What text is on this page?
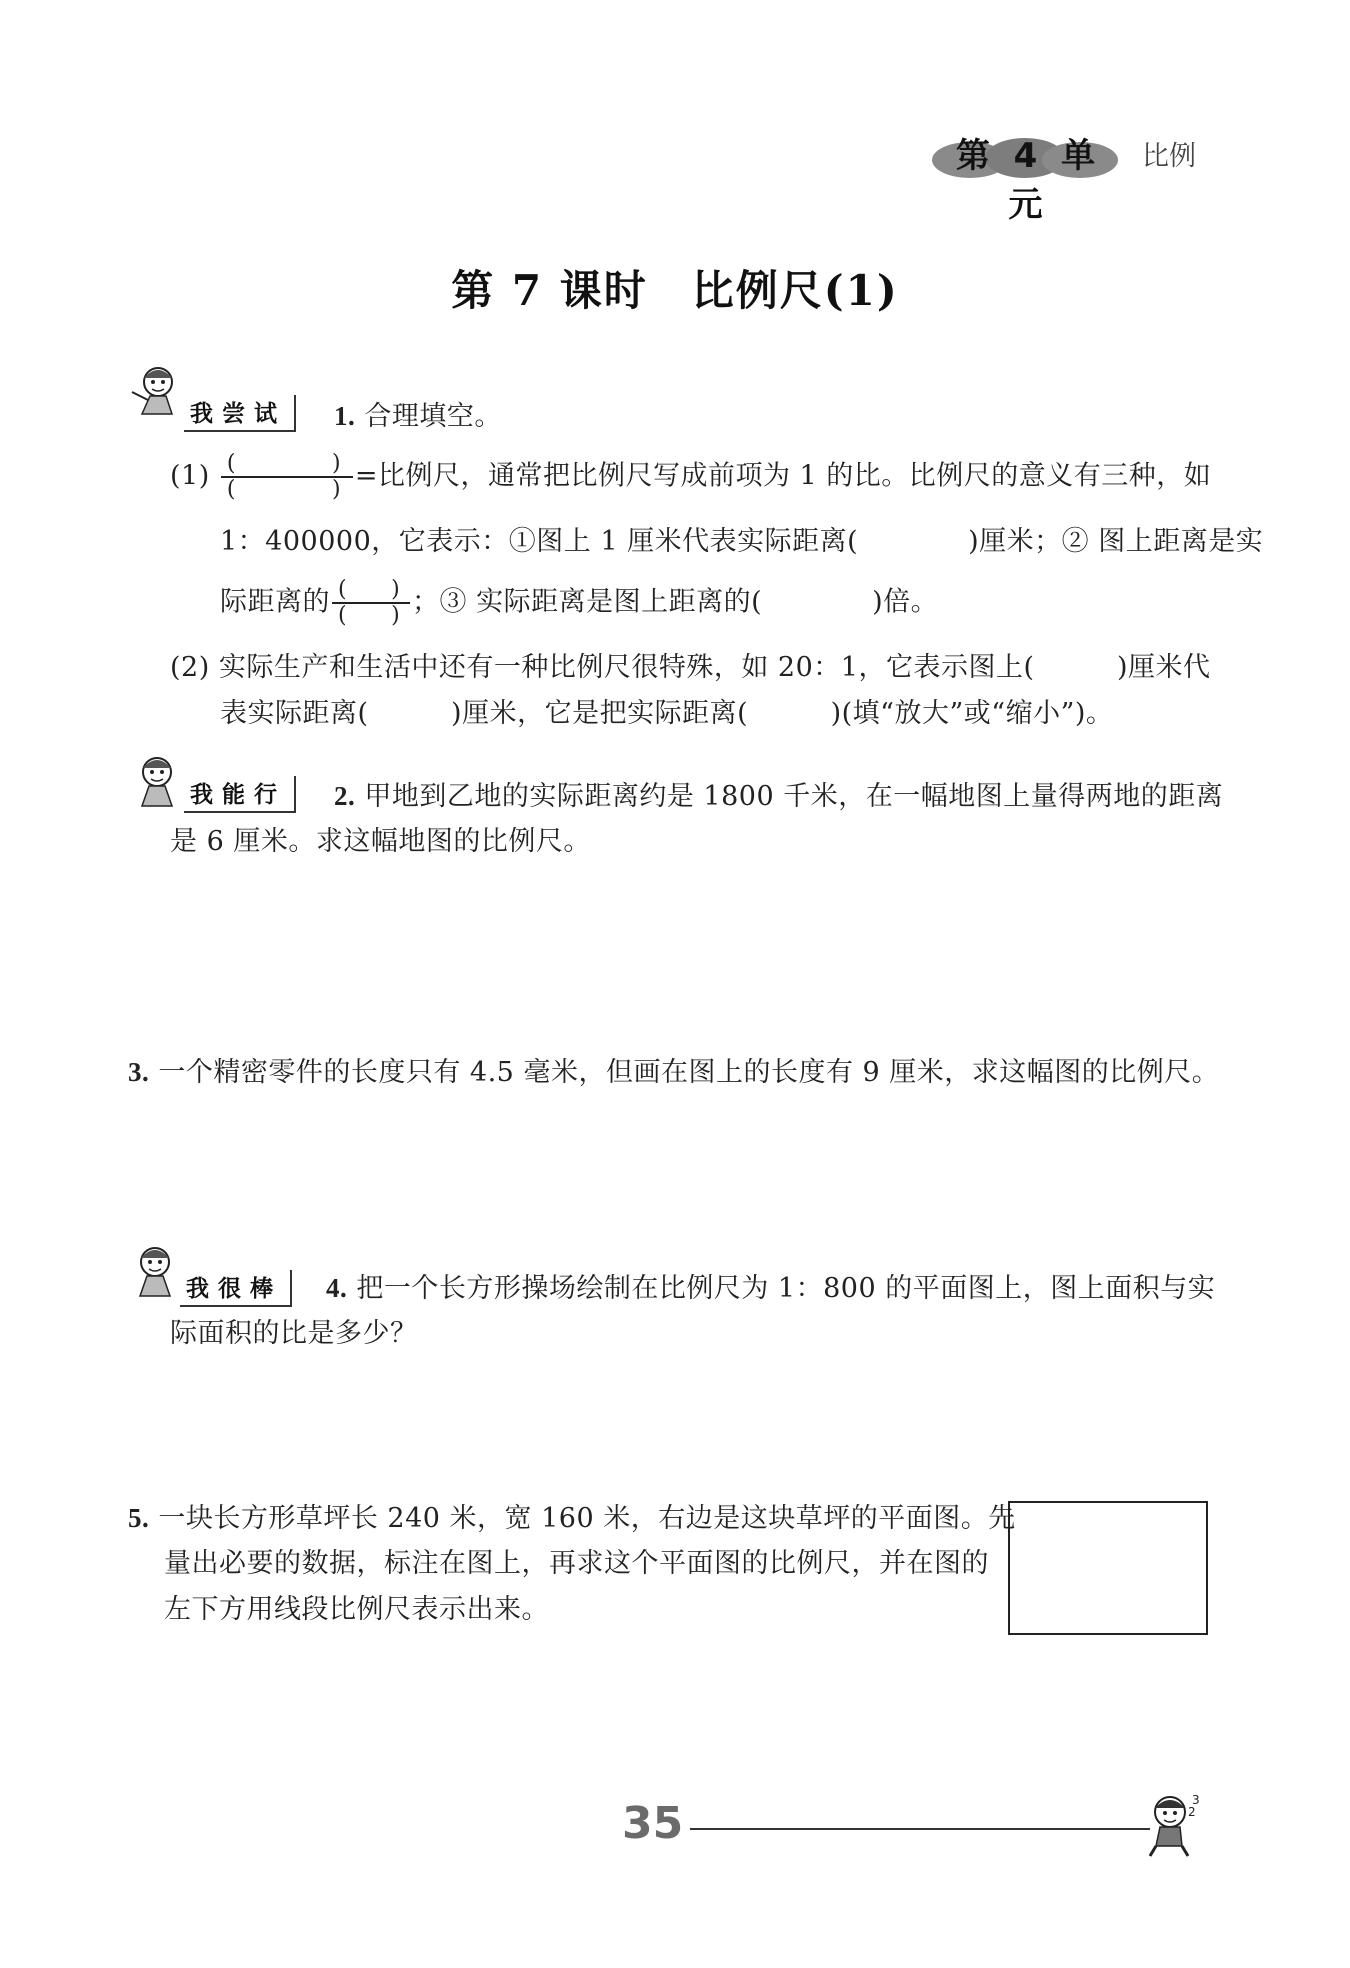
第 4 单元
比例
第 7 课时　比例尺(1)
我尝试	1. 合理填空。
(1) (	)
(	) =比例尺，通常把比例尺写成前项为 1 的比。比例尺的意义有三种，如
1：400000，它表示：①图上 1 厘米代表实际距离(　　　　)厘米；② 图上距离是实
际距离的 $\frac{( )}{( )}$ ；③ 实际距离是图上距离的(　　　　)倍。
(2) 实际生产和生活中还有一种比例尺很特殊，如 20：1，它表示图上(　　　)厘米代
表实际距离(　　　)厘米，它是把实际距离(　　　)(填“放大”或“缩小”)。
我能行	2. 甲地到乙地的实际距离约是 1800 千米，在一幅地图上量得两地的距离
是 6 厘米。求这幅地图的比例尺。
3. 一个精密零件的长度只有 4.5 毫米，但画在图上的长度有 9 厘米，求这幅图的比例尺。
我很棒	4. 把一个长方形操场绘制在比例尺为 1：800 的平面图上，图上面积与实
际面积的比是多少？
5. 一块长方形草坪长 240 米，宽 160 米，右边是这块草坪的平面图。先
量出必要的数据，标注在图上，再求这个平面图的比例尺，并在图的
左下方用线段比例尺表示出来。
35	3
2
